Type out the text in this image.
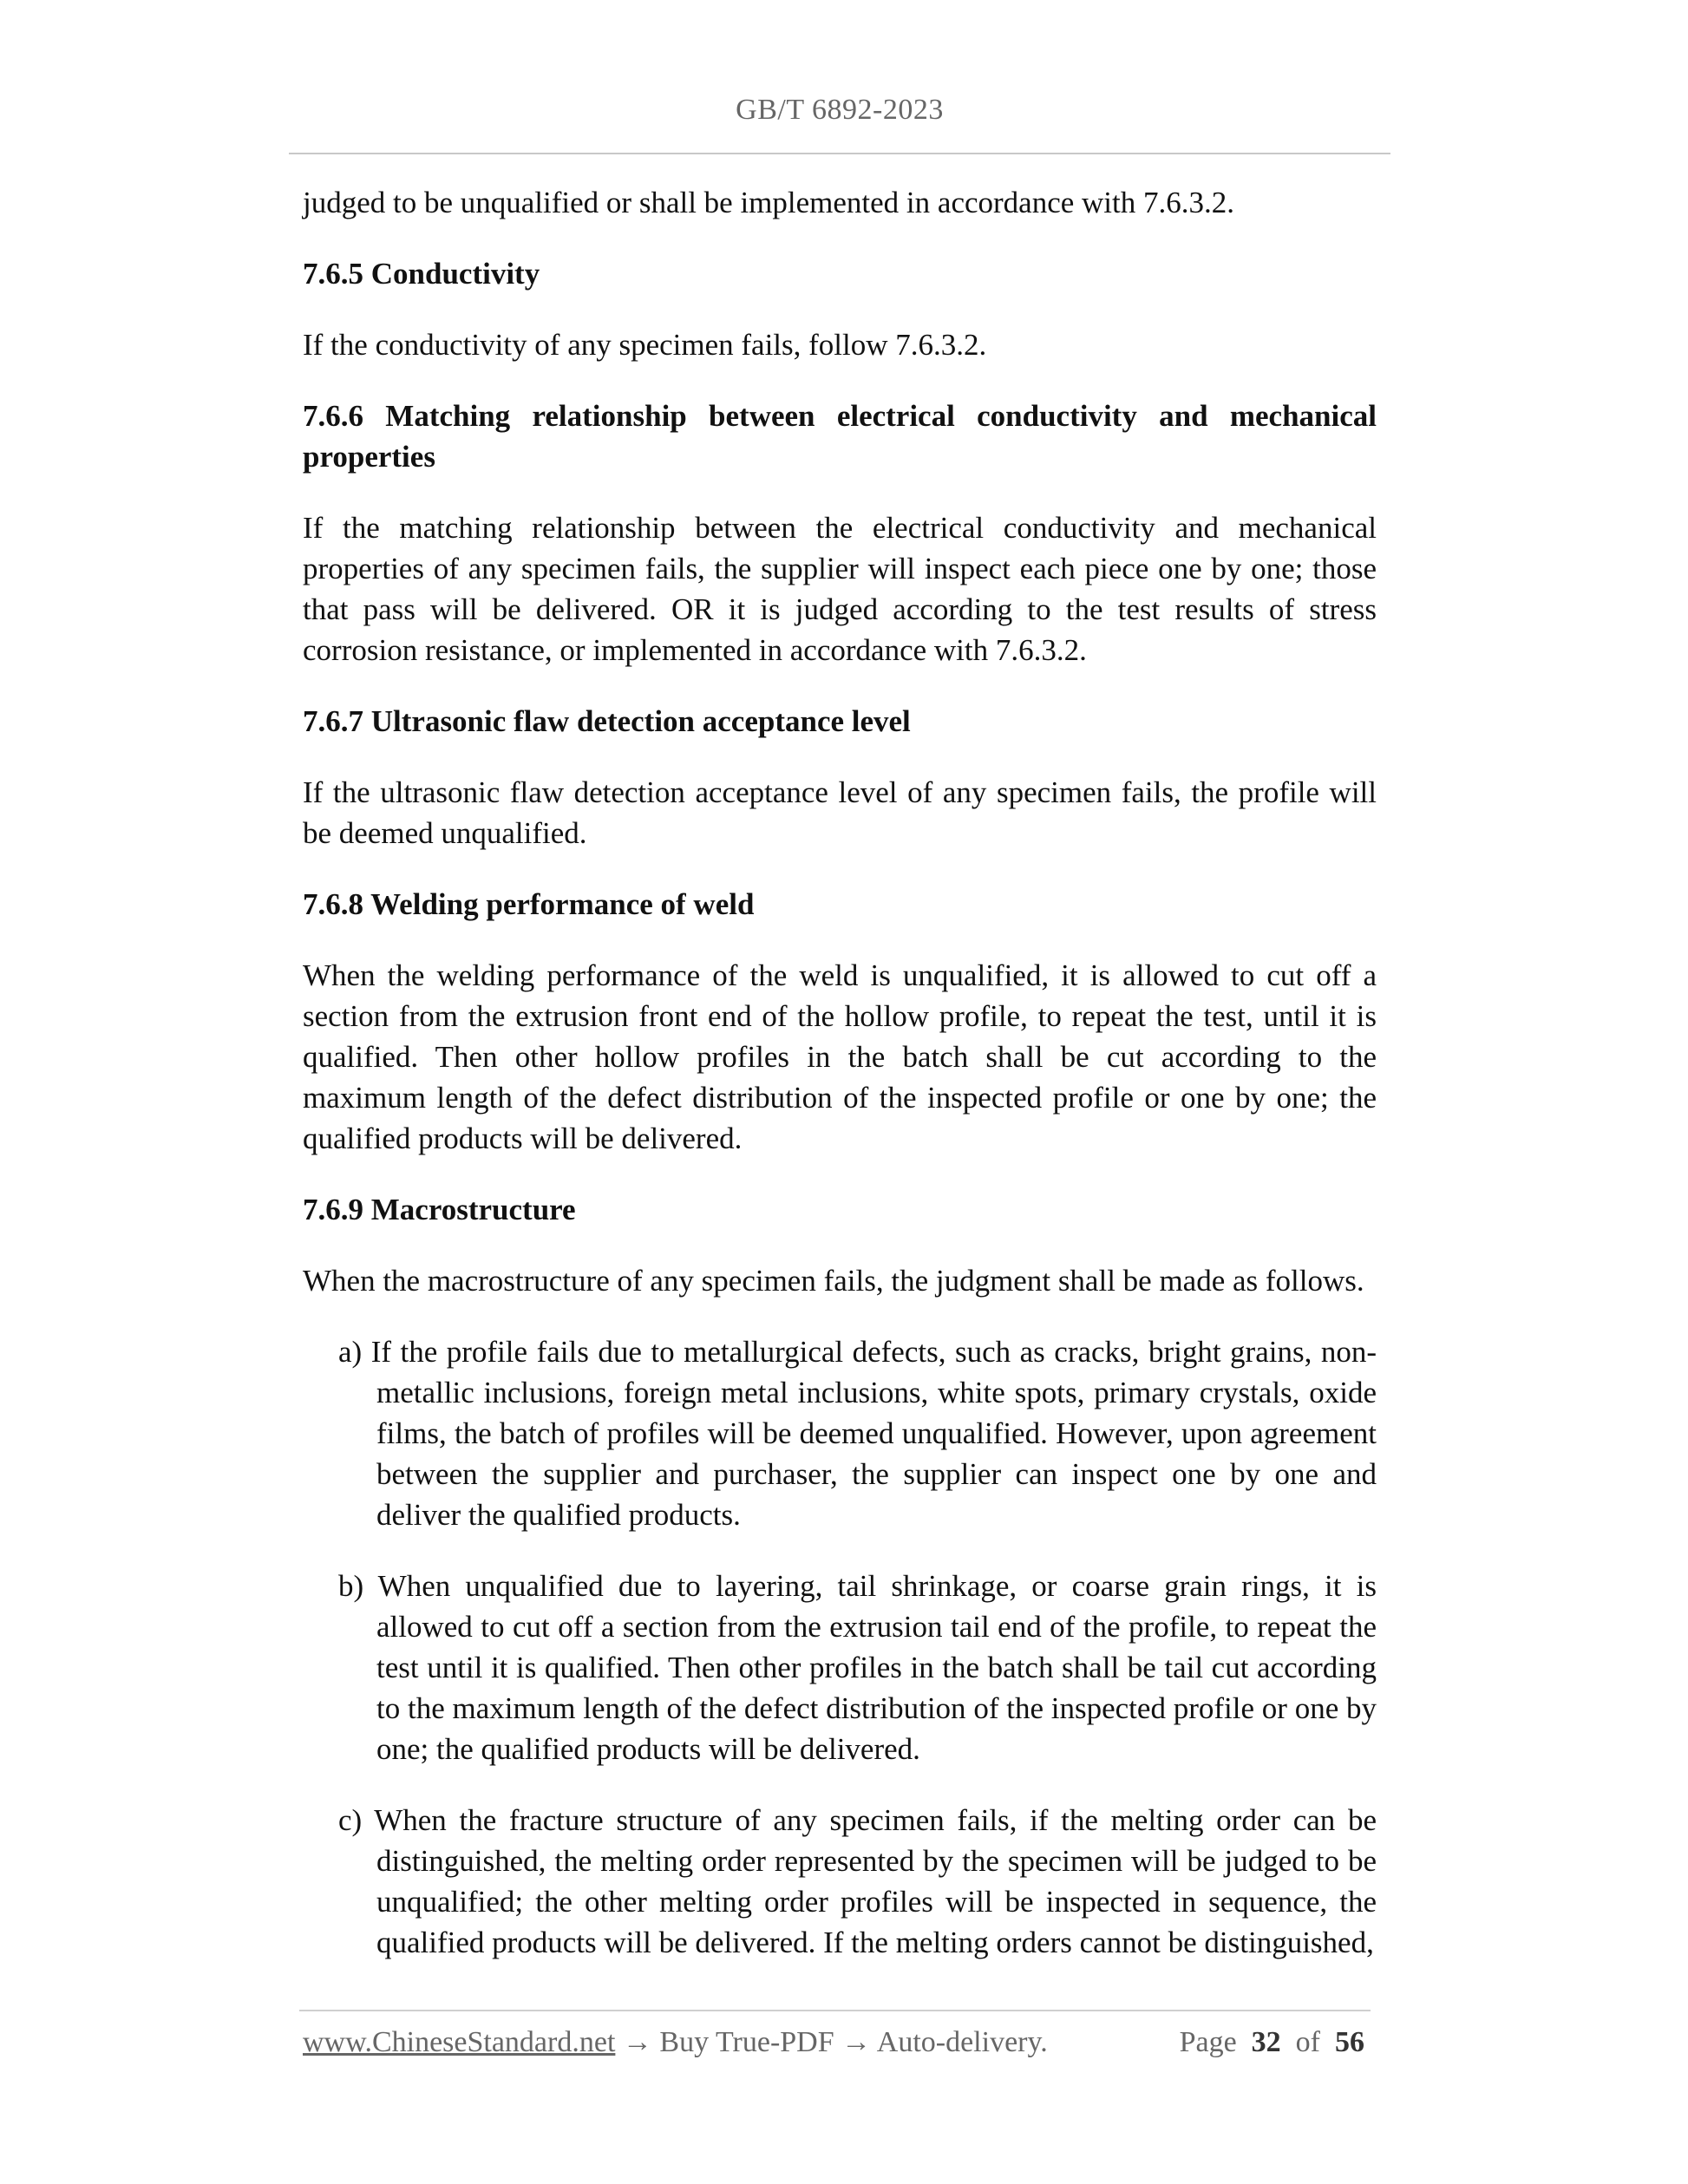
GB/T 6892-2023

judged to be unqualified or shall be implemented in accordance with 7.6.3.2.

7.6.5 Conductivity

If the conductivity of any specimen fails, follow 7.6.3.2.

7.6.6 Matching relationship between electrical conductivity and mechanical properties

If the matching relationship between the electrical conductivity and mechanical properties of any specimen fails, the supplier will inspect each piece one by one; those that pass will be delivered. OR it is judged according to the test results of stress corrosion resistance, or implemented in accordance with 7.6.3.2.

7.6.7 Ultrasonic flaw detection acceptance level

If the ultrasonic flaw detection acceptance level of any specimen fails, the profile will be deemed unqualified.

7.6.8 Welding performance of weld

When the welding performance of the weld is unqualified, it is allowed to cut off a section from the extrusion front end of the hollow profile, to repeat the test, until it is qualified. Then other hollow profiles in the batch shall be cut according to the maximum length of the defect distribution of the inspected profile or one by one; the qualified products will be delivered.

7.6.9 Macrostructure

When the macrostructure of any specimen fails, the judgment shall be made as follows.

a) If the profile fails due to metallurgical defects, such as cracks, bright grains, non-metallic inclusions, foreign metal inclusions, white spots, primary crystals, oxide films, the batch of profiles will be deemed unqualified. However, upon agreement between the supplier and purchaser, the supplier can inspect one by one and deliver the qualified products.
b) When unqualified due to layering, tail shrinkage, or coarse grain rings, it is allowed to cut off a section from the extrusion tail end of the profile, to repeat the test until it is qualified. Then other profiles in the batch shall be tail cut according to the maximum length of the defect distribution of the inspected profile or one by one; the qualified products will be delivered.
c) When the fracture structure of any specimen fails, if the melting order can be distinguished, the melting order represented by the specimen will be judged to be unqualified; the other melting order profiles will be inspected in sequence, the qualified products will be delivered. If the melting orders cannot be distinguished,
www.ChineseStandard.net → Buy True-PDF → Auto-delivery.	Page 32 of 56
